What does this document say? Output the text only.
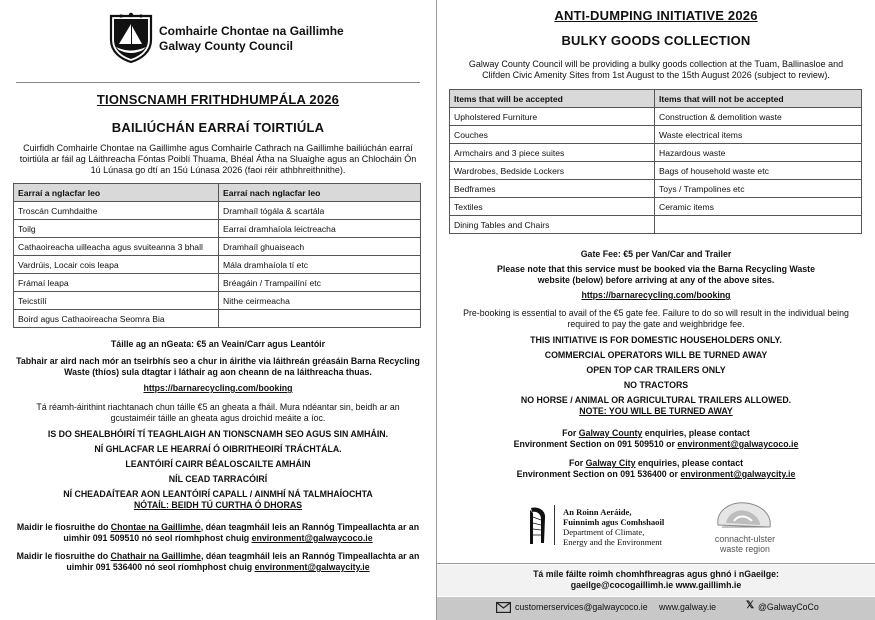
Comhairle Chontae na Gaillimhe
Galway County Council
TIONSCNAMH FRITHDHUMPÁLA 2026
BAILIÚCHÁN EARRAÍ TOIRTIÚLA
Cuirfidh Comhairle Chontae na Gaillimhe agus Comhairle Cathrach na Gaillimhe bailiúchán earraí
toirtiúla ar fáil ag Láithreacha Fóntas Poiblí Thuama, Bhéal Átha na Sluaighe agus an Chlocháin Ón
1ú Lúnasa go dtí an 15ú Lúnasa 2026 (faoi réir athbhreithnithe).
Earraí a nglacfar leo	Earraí nach nglacfar leo
Troscán Cumhdaithe	Dramhaíl tógála & scartála
Toilg	Earraí dramhaíola leictreacha
Cathaoireacha uilleacha agus svuiteanna 3 bhall	Dramhaíl ghuaiseach
Vardrúis, Locair cois leapa	Mála dramhaíola tí etc
Frámaí leapa	Bréagáin / Trampailíní etc
Teicstílí	Nithe ceirmeacha
Boird agus Cathaoireacha Seomra Bia	
Táille ag an nGeata: €5 an Veain/Carr agus Leantóir
Tabhair ar aird nach mór an tseirbhís seo a chur in áirithe via láithreán gréasáin Barna Recycling
Waste (thíos) sula dtagtar i láthair ag aon cheann de na láithreacha thuas.
https://barnarecycling.com/booking
Tá réamh-áirithint riachtanach chun táille €5 an gheata a fháil. Mura ndéantar sin, beidh ar an
gcustaiméir táille an gheata agus droichid meáite a íoc.
IS DO SHEALBHÓIRÍ TÍ TEAGHLAIGH AN TIONSCNAMH SEO AGUS SIN AMHÁIN.
NÍ GHLACFAR LE HEARRAÍ Ó OIBRITHEOIRÍ TRÁCHTÁLA.
LEANTÓIRÍ CAIRR BÉALOSCAILTE AMHÁIN
NÍL CEAD TARRACÓIRÍ
NÍ CHEADAÍTEAR AON LEANTÓIRÍ CAPALL / AINMHÍ NÁ TALMHAÍOCHTA
NÓTAÍL: BEIDH TÚ CURTHA Ó DHORAS
Maidir le fiosruithe do Chontae na Gaillimhe, déan teagmháil leis an Rannóg Timpeallachta ar an
uimhir 091 509510 nó seol ríomhphost chuig environment@galwaycoco.ie
Maidir le fiosruithe do Chathair na Gaillimhe, déan teagmháil leis an Rannóg Timpeallachta ar an
uimhir 091 536400 nó seol ríomhphost chuig environment@galwaycity.ie
ANTI-DUMPING INITIATIVE 2026
BULKY GOODS COLLECTION
Galway County Council will be providing a bulky goods collection at the Tuam, Ballinasloe and
Clifden Civic Amenity Sites from 1st August to the 15th August 2026 (subject to review).
Items that will be accepted	Items that will not be accepted
Upholstered Furniture	Construction & demolition waste
Couches	Waste electrical items
Armchairs and 3 piece suites	Hazardous waste
Wardrobes, Bedside Lockers	Bags of household waste etc
Bedframes	Toys / Trampolines etc
Textiles	Ceramic items
Dining Tables and Chairs	
Gate Fee: €5 per Van/Car and Trailer
Please note that this service must be booked via the Barna Recycling Waste
website (below) before arriving at any of the above sites.
https://barnarecycling.com/booking
Pre-booking is essential to avail of the €5 gate fee. Failure to do so will result in the individual being
required to pay the gate and weighbridge fee.
THIS INITIATIVE IS FOR DOMESTIC HOUSEHOLDERS ONLY.
COMMERCIAL OPERATORS WILL BE TURNED AWAY
OPEN TOP CAR TRAILERS ONLY
NO TRACTORS
NO HORSE / ANIMAL OR AGRICULTURAL TRAILERS ALLOWED.
NOTE: YOU WILL BE TURNED AWAY
For Galway County enquiries, please contact
Environment Section on 091 509510 or environment@galwaycoco.ie
For Galway City enquiries, please contact
Environment Section on 091 536400 or environment@galwaycity.ie
An Roinn Aeráide,
Fuinnimh agus Comhshaoil
Department of Climate,
Energy and the Environment	connacht-ulster
waste region
Tá míle fáilte roimh chomhfhreagras agus ghnó i nGaeilge:
gaeilge@cocogaillimh.ie www.gaillimh.ie
customerservices@galwaycoco.ie www.galway.ie	𝕏 @GalwayCoCo
